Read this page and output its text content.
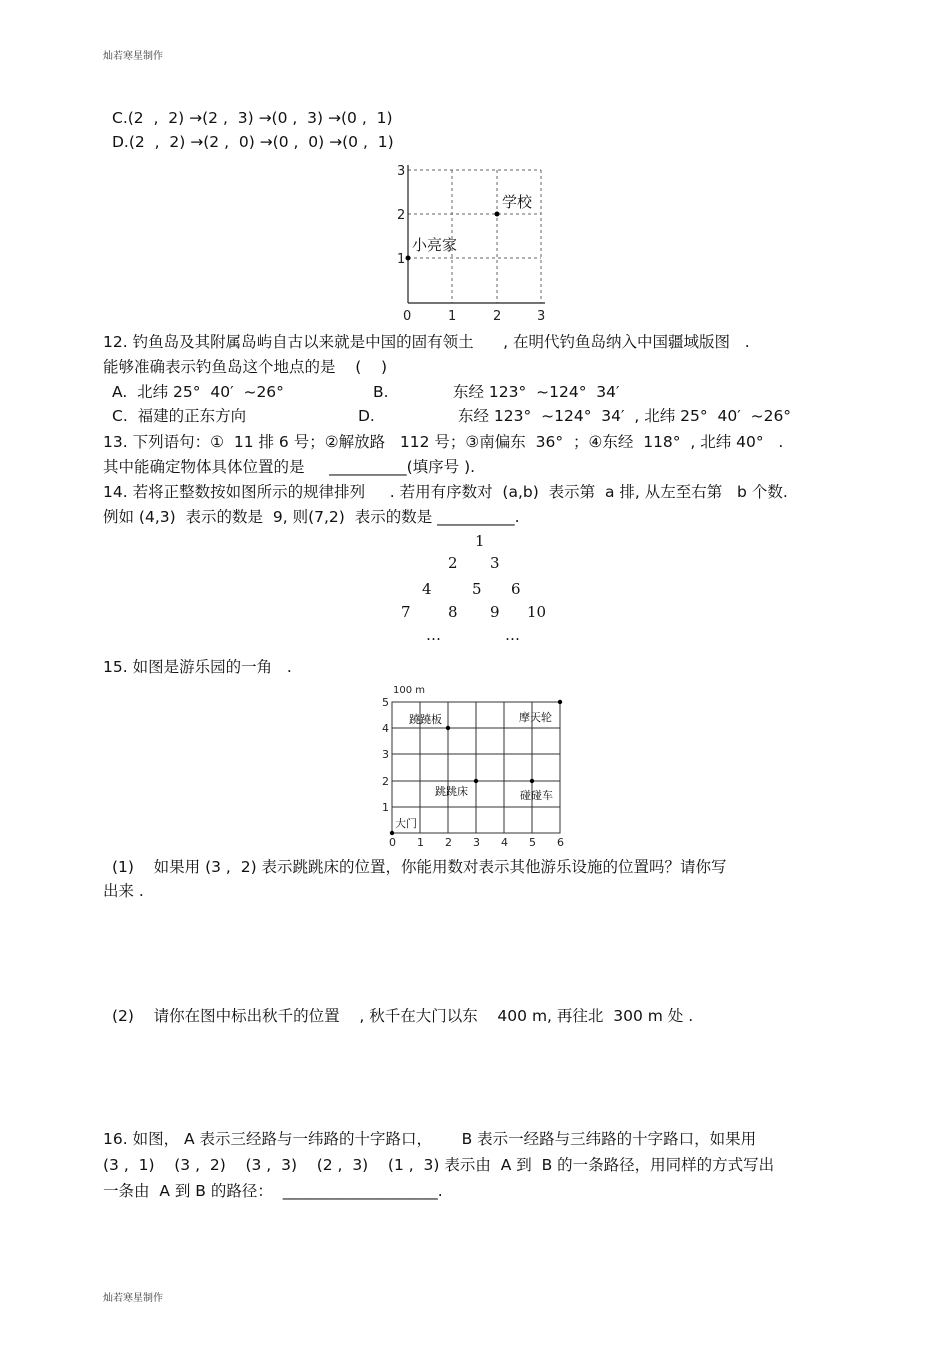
灿若寒星制作
C.(2  ,  2) →(2 ,  3) →(0 ,  3) →(0 ,  1)
D.(2  ,  2) →(2 ,  0) →(0 ,  0) →(0 ,  1)
0	1	2	3
1
2
3
学校
小亮家
12. 钓鱼岛及其附属岛屿自古以来就是中国的固有领土      , 在明代钓鱼岛纳入中国疆域版图   .
能够准确表示钓鱼岛这个地点的是    (    )
A.  北纬 25°  40′  ~26°	B.	东经 123°  ~124°  34′
C.  福建的正东方向	D.	东经 123°  ~124°  34′  , 北纬 25°  40′  ~26°
13. 下列语句：①  11 排 6 号；②解放路   112 号；③南偏东  36°  ；④东经  118°  , 北纬 40°   .
其中能确定物体具体位置的是     __________(填序号 ).
14. 若将正整数按如图所示的规律排列     . 若用有序数对  (a,b)  表示第  a 排, 从左至右第   b 个数.
例如 (4,3)  表示的数是  9, 则(7,2)  表示的数是 __________.
1
2 3
4	5 6
7 8 9 10
…	…
15. 如图是游乐园的一角   .
100 m
0 1 2 3 4 5 6
1
2
3
4
5
蹺蹺板	摩天轮
跳跳床	碰碰车
大门
(1)    如果用 (3 ,  2) 表示跳跳床的位置，你能用数对表示其他游乐设施的位置吗？请你写
出来 .
(2)    请你在图中标出秋千的位置    , 秋千在大门以东    400 m, 再往北  300 m 处 .
16. 如图， A 表示三经路与一纬路的十字路口，      B 表示一经路与三纬路的十字路口，如果用
(3 ,  1)    (3 ,  2)    (3 ,  3)    (2 ,  3)    (1 ,  3) 表示由  A 到  B 的一条路径，用同样的方式写出
一条由  A 到 B 的路径：  ____________________.
灿若寒星制作
